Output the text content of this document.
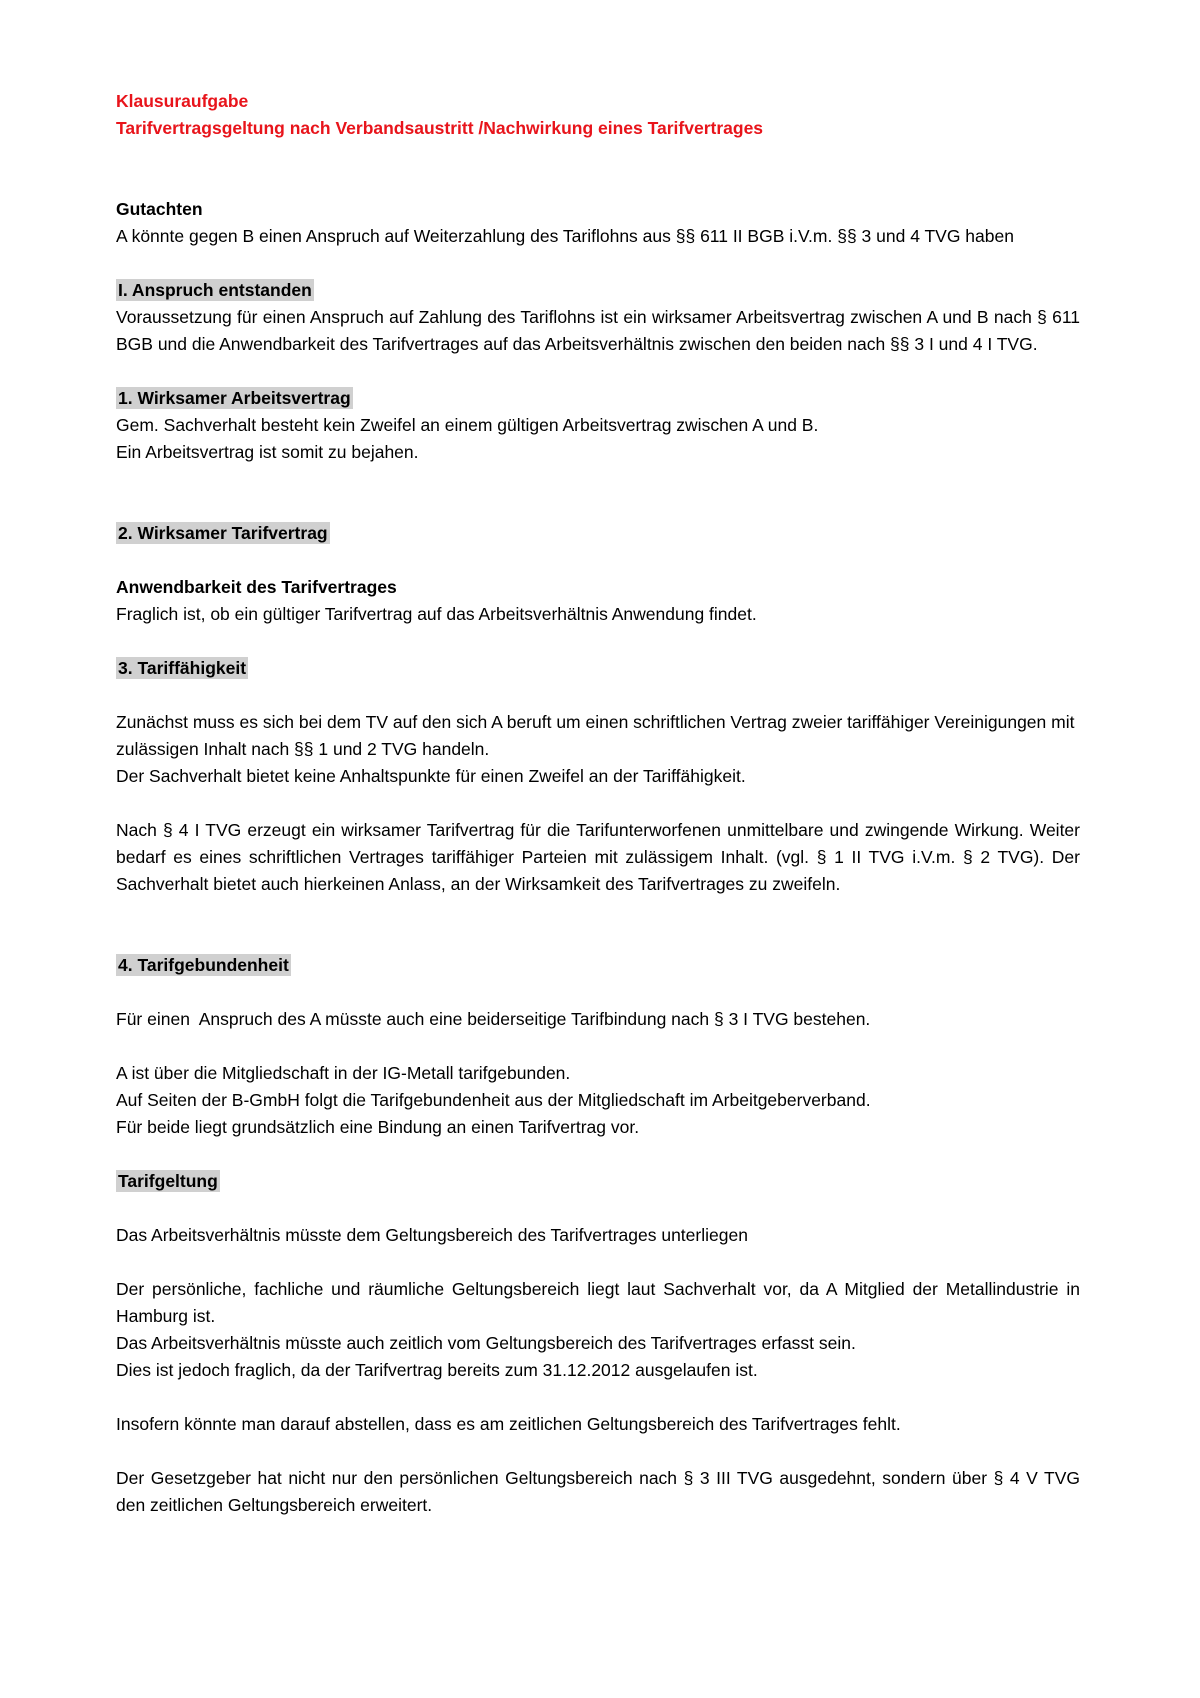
Klausuraufgabe

Tarifvertragsgeltung nach Verbandsaustritt /Nachwirkung eines Tarifvertrages

Gutachten

A könnte gegen B einen Anspruch auf Weiterzahlung des Tariflohns aus §§ 611 II BGB i.V.m. §§ 3 und 4 TVG haben

I. Anspruch entstanden

Voraussetzung für einen Anspruch auf Zahlung des Tariflohns ist ein wirksamer Arbeitsvertrag zwischen A und B nach § 611 BGB und die Anwendbarkeit des Tarifvertrages auf das Arbeitsverhältnis zwischen den beiden nach §§ 3 I und 4 I TVG.

1. Wirksamer Arbeitsvertrag

Gem. Sachverhalt besteht kein Zweifel an einem gültigen Arbeitsvertrag zwischen A und B.

Ein Arbeitsvertrag ist somit zu bejahen.

2. Wirksamer Tarifvertrag

Anwendbarkeit des Tarifvertrages

Fraglich ist, ob ein gültiger Tarifvertrag auf das Arbeitsverhältnis Anwendung findet.

3. Tariffähigkeit

Zunächst muss es sich bei dem TV auf den sich A beruft um einen schriftlichen Vertrag zweier tariffähiger Vereinigungen mit zulässigen Inhalt nach §§ 1 und 2 TVG handeln.

Der Sachverhalt bietet keine Anhaltspunkte für einen Zweifel an der Tariffähigkeit.

Nach § 4 I TVG erzeugt ein wirksamer Tarifvertrag für die Tarifunterworfenen unmittelbare und zwingende Wirkung. Weiter bedarf es eines schriftlichen Vertrages tariffähiger Parteien mit zulässigem Inhalt. (vgl. § 1 II TVG i.V.m. § 2 TVG). Der Sachverhalt bietet auch hierkeinen Anlass, an der Wirksamkeit des Tarifvertrages zu zweifeln.

4. Tarifgebundenheit

Für einen  Anspruch des A müsste auch eine beiderseitige Tarifbindung nach § 3 I TVG bestehen.

A ist über die Mitgliedschaft in der IG-Metall tarifgebunden.

Auf Seiten der B-GmbH folgt die Tarifgebundenheit aus der Mitgliedschaft im Arbeitgeberverband.

Für beide liegt grundsätzlich eine Bindung an einen Tarifvertrag vor.

Tarifgeltung

Das Arbeitsverhältnis müsste dem Geltungsbereich des Tarifvertrages unterliegen

Der persönliche, fachliche und räumliche Geltungsbereich liegt laut Sachverhalt vor, da A Mitglied der Metallindustrie in Hamburg ist.

Das Arbeitsverhältnis müsste auch zeitlich vom Geltungsbereich des Tarifvertrages erfasst sein.

Dies ist jedoch fraglich, da der Tarifvertrag bereits zum 31.12.2012 ausgelaufen ist.

Insofern könnte man darauf abstellen, dass es am zeitlichen Geltungsbereich des Tarifvertrages fehlt.

Der Gesetzgeber hat nicht nur den persönlichen Geltungsbereich nach § 3 III TVG ausgedehnt, sondern über § 4 V TVG den zeitlichen Geltungsbereich erweitert.
